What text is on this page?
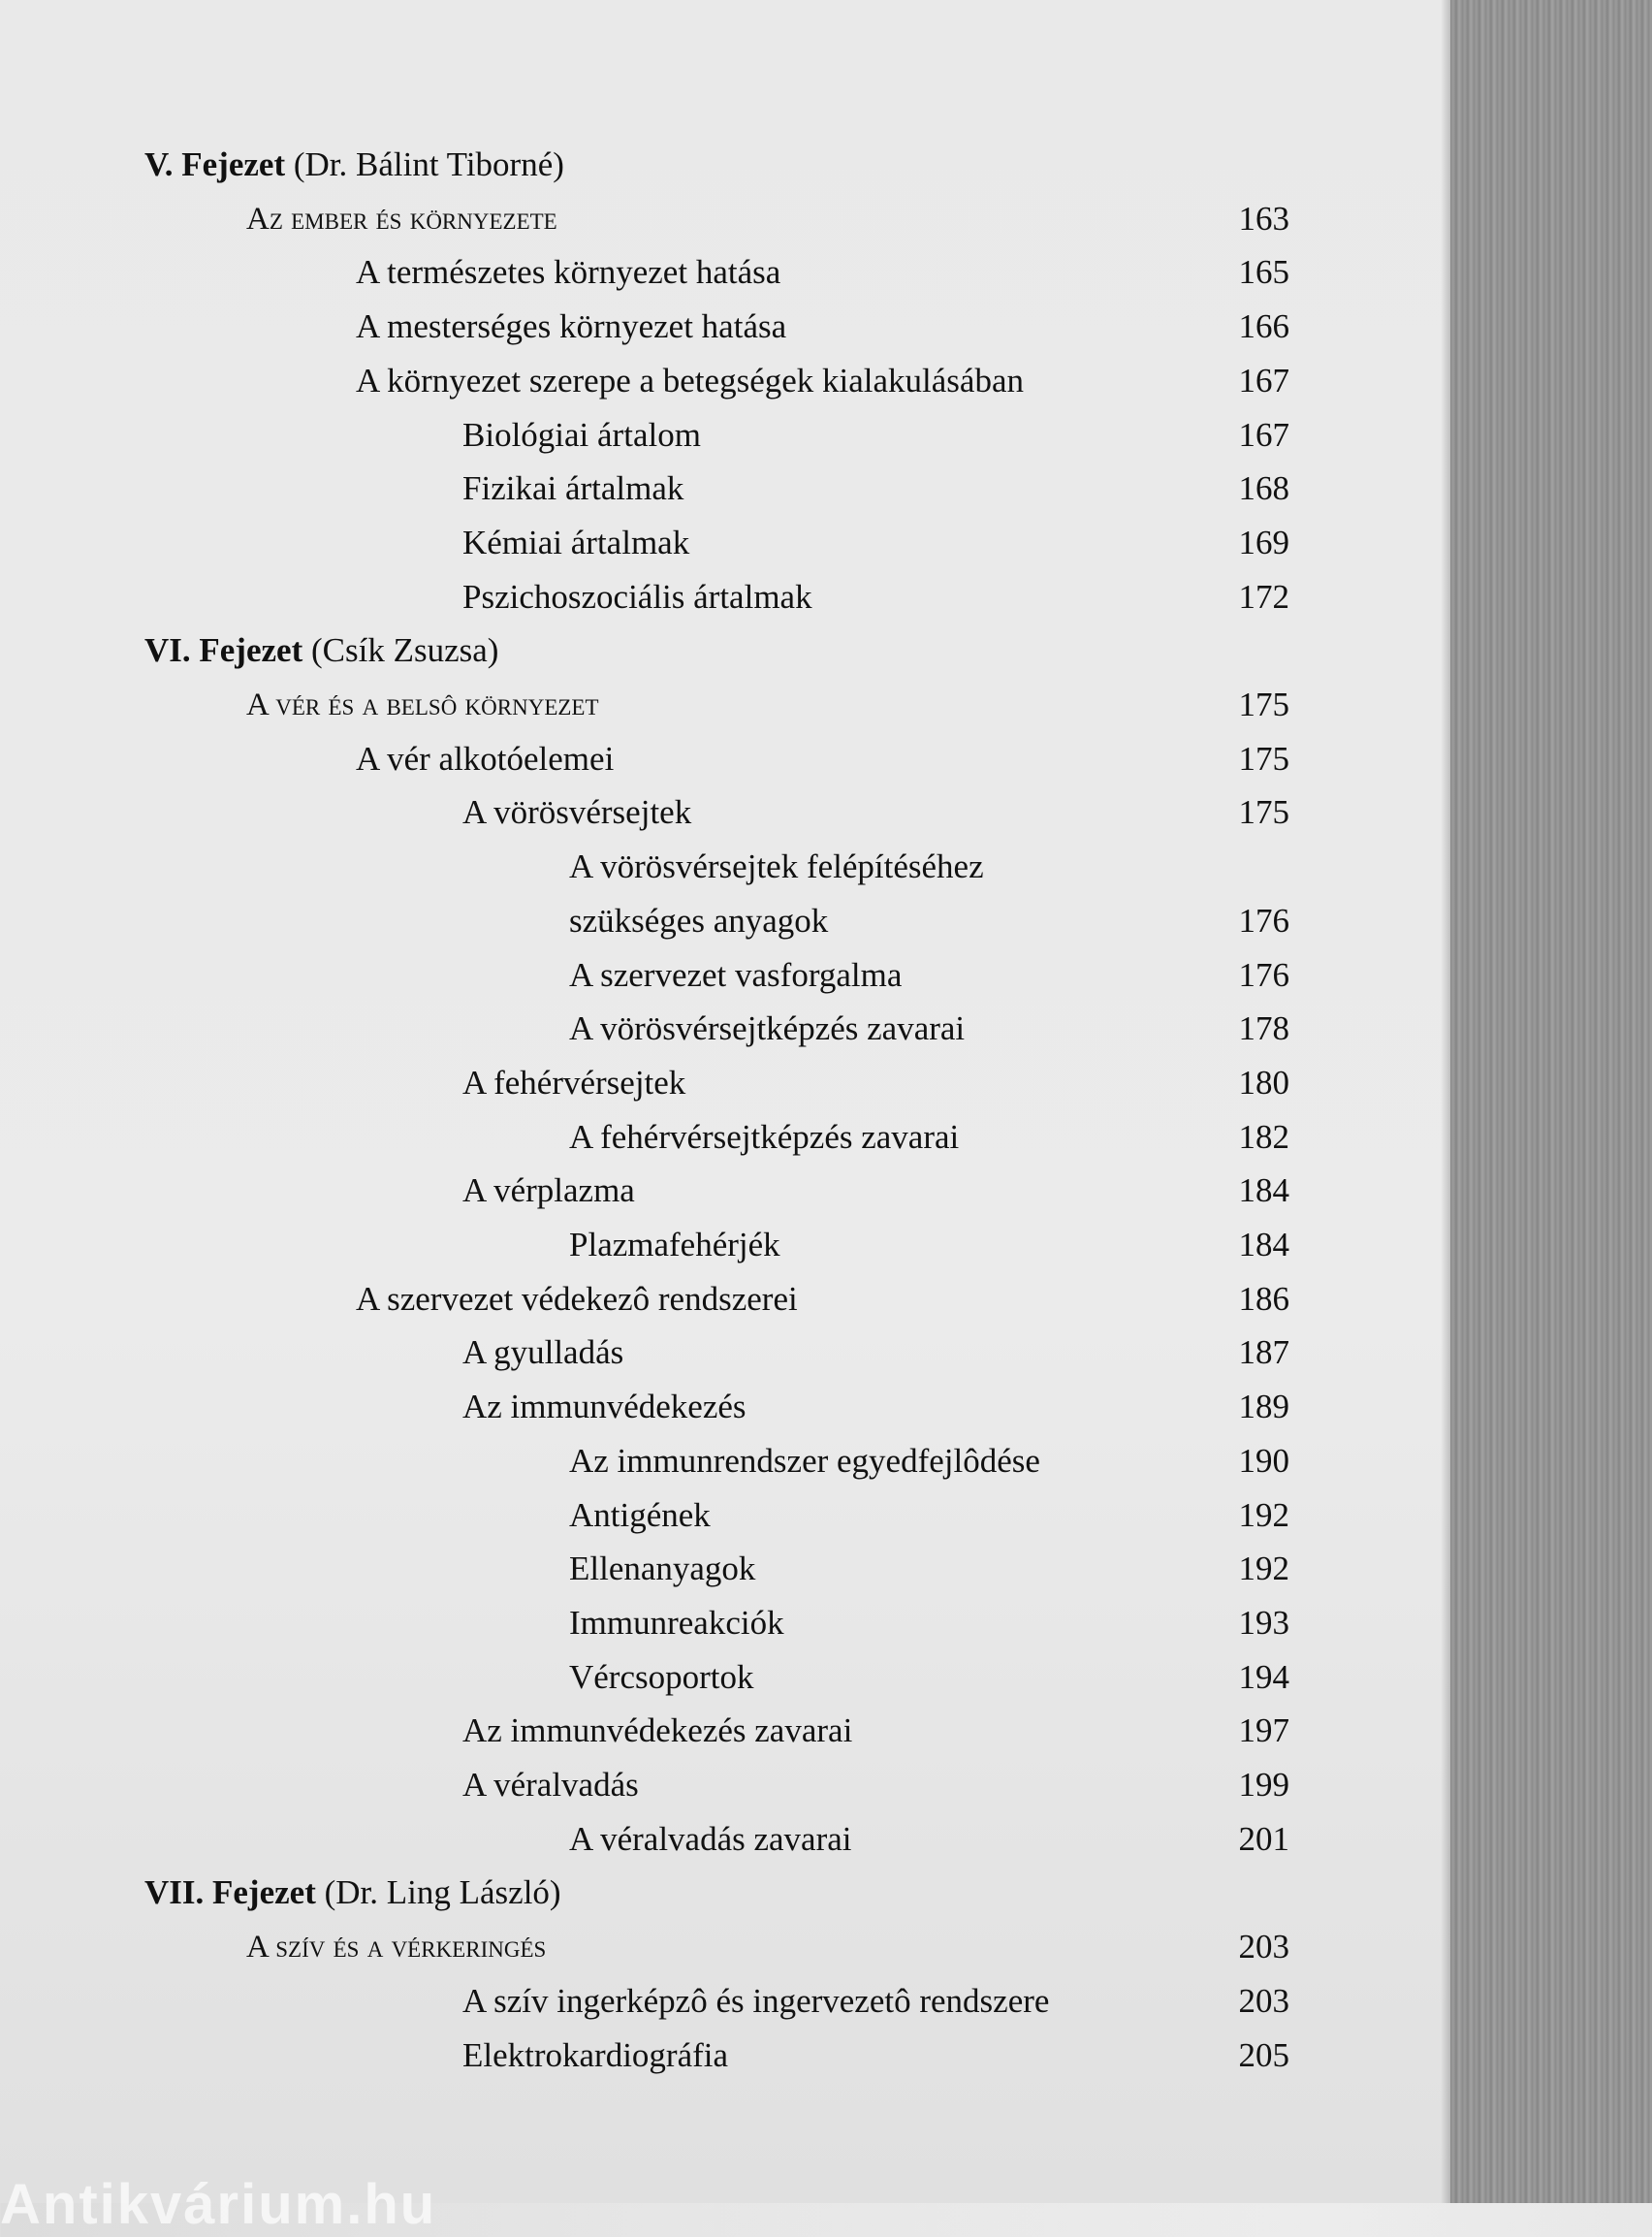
V. Fejezet (Dr. Bálint Tiborné)
Az ember és környezete	163
A természetes környezet hatása	165
A mesterséges környezet hatása	166
A környezet szerepe a betegségek kialakulásában	167
Biológiai ártalom	167
Fizikai ártalmak	168
Kémiai ártalmak	169
Pszichoszociális ártalmak	172
VI. Fejezet (Csík Zsuzsa)
A vér és a belsô környezet	175
A vér alkotóelemei	175
A vörösvérsejtek	175
A vörösvérsejtek felépítéséhez
szükséges anyagok	176
A szervezet vasforgalma	176
A vörösvérsejtképzés zavarai	178
A fehérvérsejtek	180
A fehérvérsejtképzés zavarai	182
A vérplazma	184
Plazmafehérjék	184
A szervezet védekezô rendszerei	186
A gyulladás	187
Az immunvédekezés	189
Az immunrendszer egyedfejlôdése	190
Antigének	192
Ellenanyagok	192
Immunreakciók	193
Vércsoportok	194
Az immunvédekezés zavarai	197
A véralvadás	199
A véralvadás zavarai	201
VII. Fejezet (Dr. Ling László)
A szív és a vérkeringés	203
A szív ingerképzô és ingervezetô rendszere	203
Elektrokardiográfia	205
Antikvárium.hu
